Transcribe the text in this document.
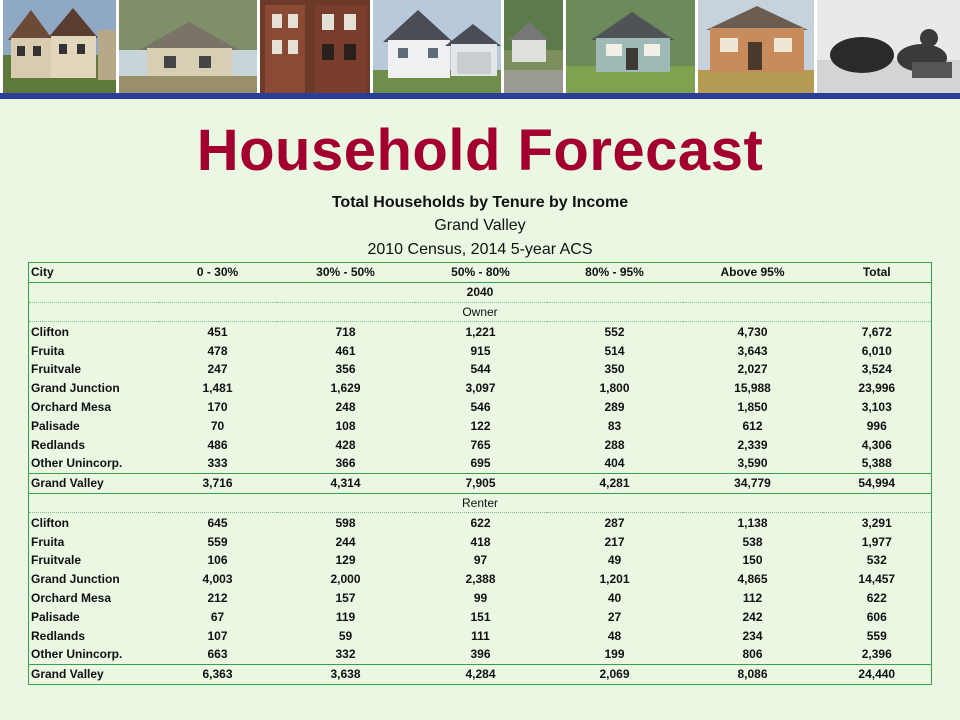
Household Forecast
Total Households by Tenure by Income
Grand Valley
2010 Census, 2014 5-year ACS
City	0 - 30%	30% - 50%	50% - 80%	80% - 95%	Above 95%	Total
2040						
Owner						
Clifton	451	718	1,221	552	4,730	7,672
Fruita	478	461	915	514	3,643	6,010
Fruitvale	247	356	544	350	2,027	3,524
Grand Junction	1,481	1,629	3,097	1,800	15,988	23,996
Orchard Mesa	170	248	546	289	1,850	3,103
Palisade	70	108	122	83	612	996
Redlands	486	428	765	288	2,339	4,306
Other Unincorp.	333	366	695	404	3,590	5,388
Grand Valley	3,716	4,314	7,905	4,281	34,779	54,994
Renter						
Clifton	645	598	622	287	1,138	3,291
Fruita	559	244	418	217	538	1,977
Fruitvale	106	129	97	49	150	532
Grand Junction	4,003	2,000	2,388	1,201	4,865	14,457
Orchard Mesa	212	157	99	40	112	622
Palisade	67	119	151	27	242	606
Redlands	107	59	111	48	234	559
Other Unincorp.	663	332	396	199	806	2,396
Grand Valley	6,363	3,638	4,284	2,069	8,086	24,440
